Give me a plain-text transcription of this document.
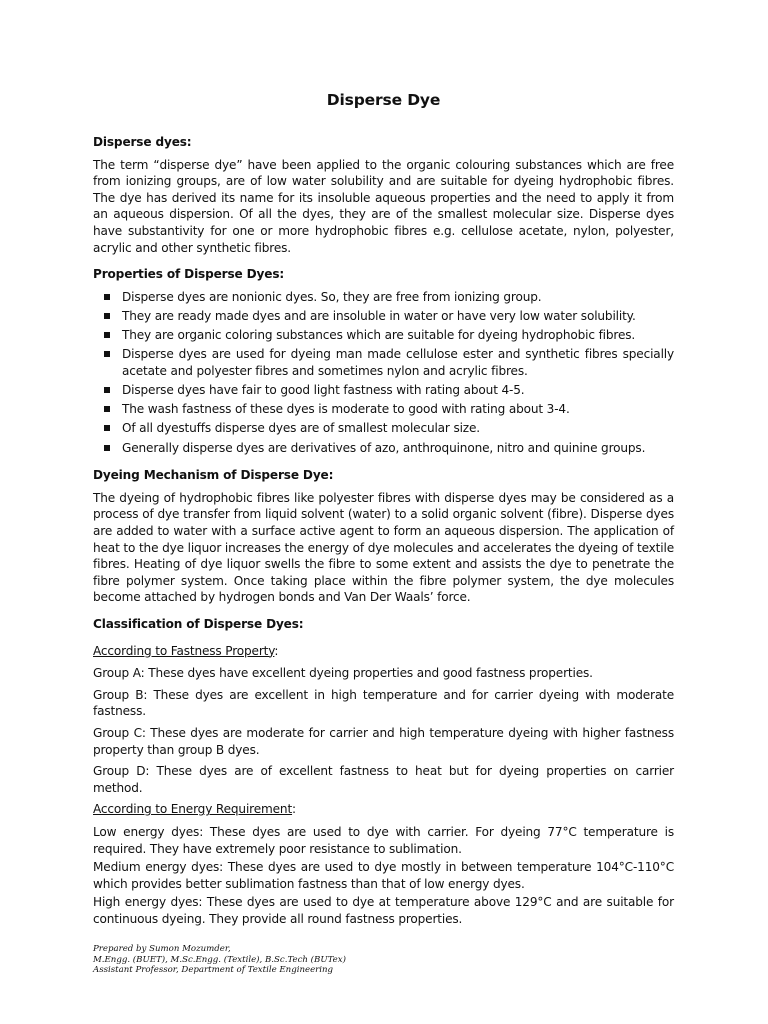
Disperse Dye
Disperse dyes:

The term “disperse dye” have been applied to the organic colouring substances which are free from ionizing groups, are of low water solubility and are suitable for dyeing hydrophobic fibres. The dye has derived its name for its insoluble aqueous properties and the need to apply it from an aqueous dispersion. Of all the dyes, they are of the smallest molecular size. Disperse dyes have substantivity for one or more hydrophobic fibres e.g. cellulose acetate, nylon, polyester, acrylic and other synthetic fibres.

Properties of Disperse Dyes:
Disperse dyes are nonionic dyes. So, they are free from ionizing group.
They are ready made dyes and are insoluble in water or have very low water solubility.
They are organic coloring substances which are suitable for dyeing hydrophobic fibres.
Disperse dyes are used for dyeing man made cellulose ester and synthetic fibres specially acetate and polyester fibres and sometimes nylon and acrylic fibres.
Disperse dyes have fair to good light fastness with rating about 4-5.
The wash fastness of these dyes is moderate to good with rating about 3-4.
Of all dyestuffs disperse dyes are of smallest molecular size.
Generally disperse dyes are derivatives of azo, anthroquinone, nitro and quinine groups.
Dyeing Mechanism of Disperse Dye:

The dyeing of hydrophobic fibres like polyester fibres with disperse dyes may be considered as a process of dye transfer from liquid solvent (water) to a solid organic solvent (fibre). Disperse dyes are added to water with a surface active agent to form an aqueous dispersion. The application of heat to the dye liquor increases the energy of dye molecules and accelerates the dyeing of textile fibres. Heating of dye liquor swells the fibre to some extent and assists the dye to penetrate the fibre polymer system. Once taking place within the fibre polymer system, the dye molecules become attached by hydrogen bonds and Van Der Waals’ force.

Classification of Disperse Dyes:
According to Fastness Property:

Group A: These dyes have excellent dyeing properties and good fastness properties.

Group B: These dyes are excellent in high temperature and for carrier dyeing with moderate fastness.

Group C: These dyes are moderate for carrier and high temperature dyeing with higher fastness property than group B dyes.

Group D: These dyes are of excellent fastness to heat but for dyeing properties on carrier method.

According to Energy Requirement:

Low energy dyes: These dyes are used to dye with carrier. For dyeing 77°C temperature is required. They have extremely poor resistance to sublimation.

Medium energy dyes: These dyes are used to dye mostly in between temperature 104°C-110°C which provides better sublimation fastness than that of low energy dyes.

High energy dyes: These dyes are used to dye at temperature above 129°C and are suitable for continuous dyeing. They provide all round fastness properties.

Prepared by Sumon Mozumder,
M.Engg. (BUET), M.Sc.Engg. (Textile), B.Sc.Tech (BUTex)
Assistant Professor, Department of Textile Engineering
